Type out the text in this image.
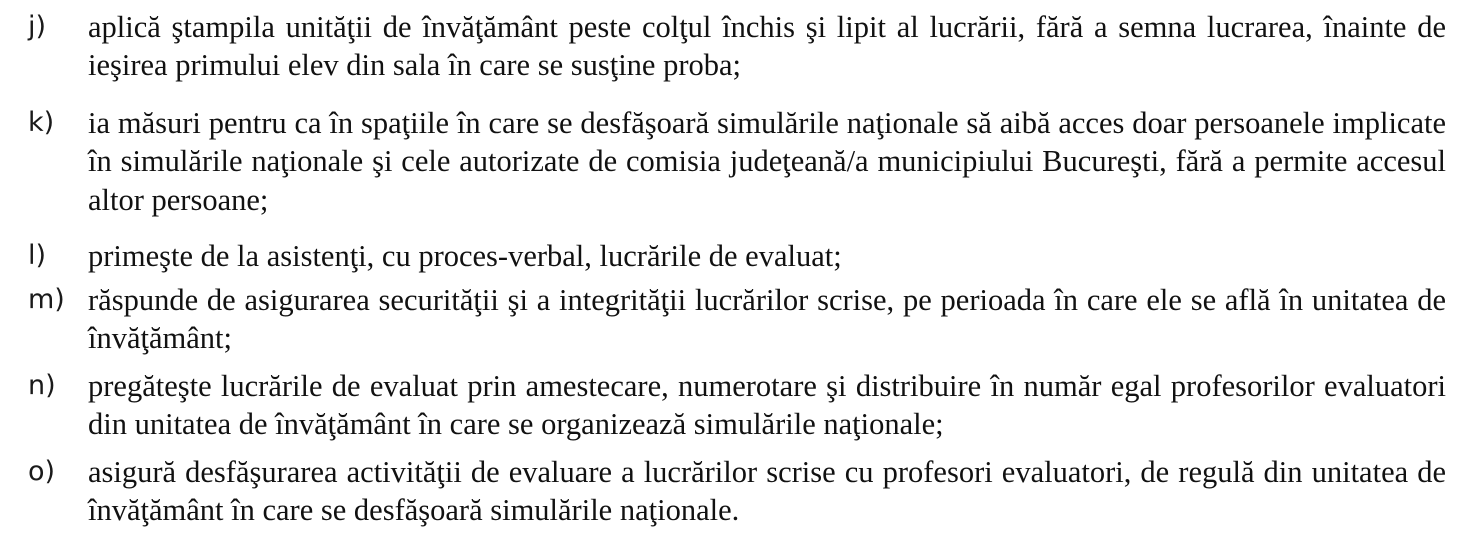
j) aplică ştampila unităţii de învăţământ peste colţul închis şi lipit al lucrării, fără a semna lucrarea, înainte de ieşirea primului elev din sala în care se susţine proba;
k) ia măsuri pentru ca în spaţiile în care se desfăşoară simulările naţionale să aibă acces doar persoanele implicate în simulările naţionale şi cele autorizate de comisia judeţeană/a municipiului Bucureşti, fără a permite accesul altor persoane;
l) primeşte de la asistenţi, cu proces-verbal, lucrările de evaluat;
m) răspunde de asigurarea securităţii şi a integrităţii lucrărilor scrise, pe perioada în care ele se află în unitatea de învăţământ;
n) pregăteşte lucrările de evaluat prin amestecare, numerotare şi distribuire în număr egal profesorilor evaluatori din unitatea de învăţământ în care se organizează simulările naţionale;
o) asigură desfăşurarea activităţii de evaluare a lucrărilor scrise cu profesori evaluatori, de regulă din unitatea de învăţământ în care se desfăşoară simulările naţionale.
